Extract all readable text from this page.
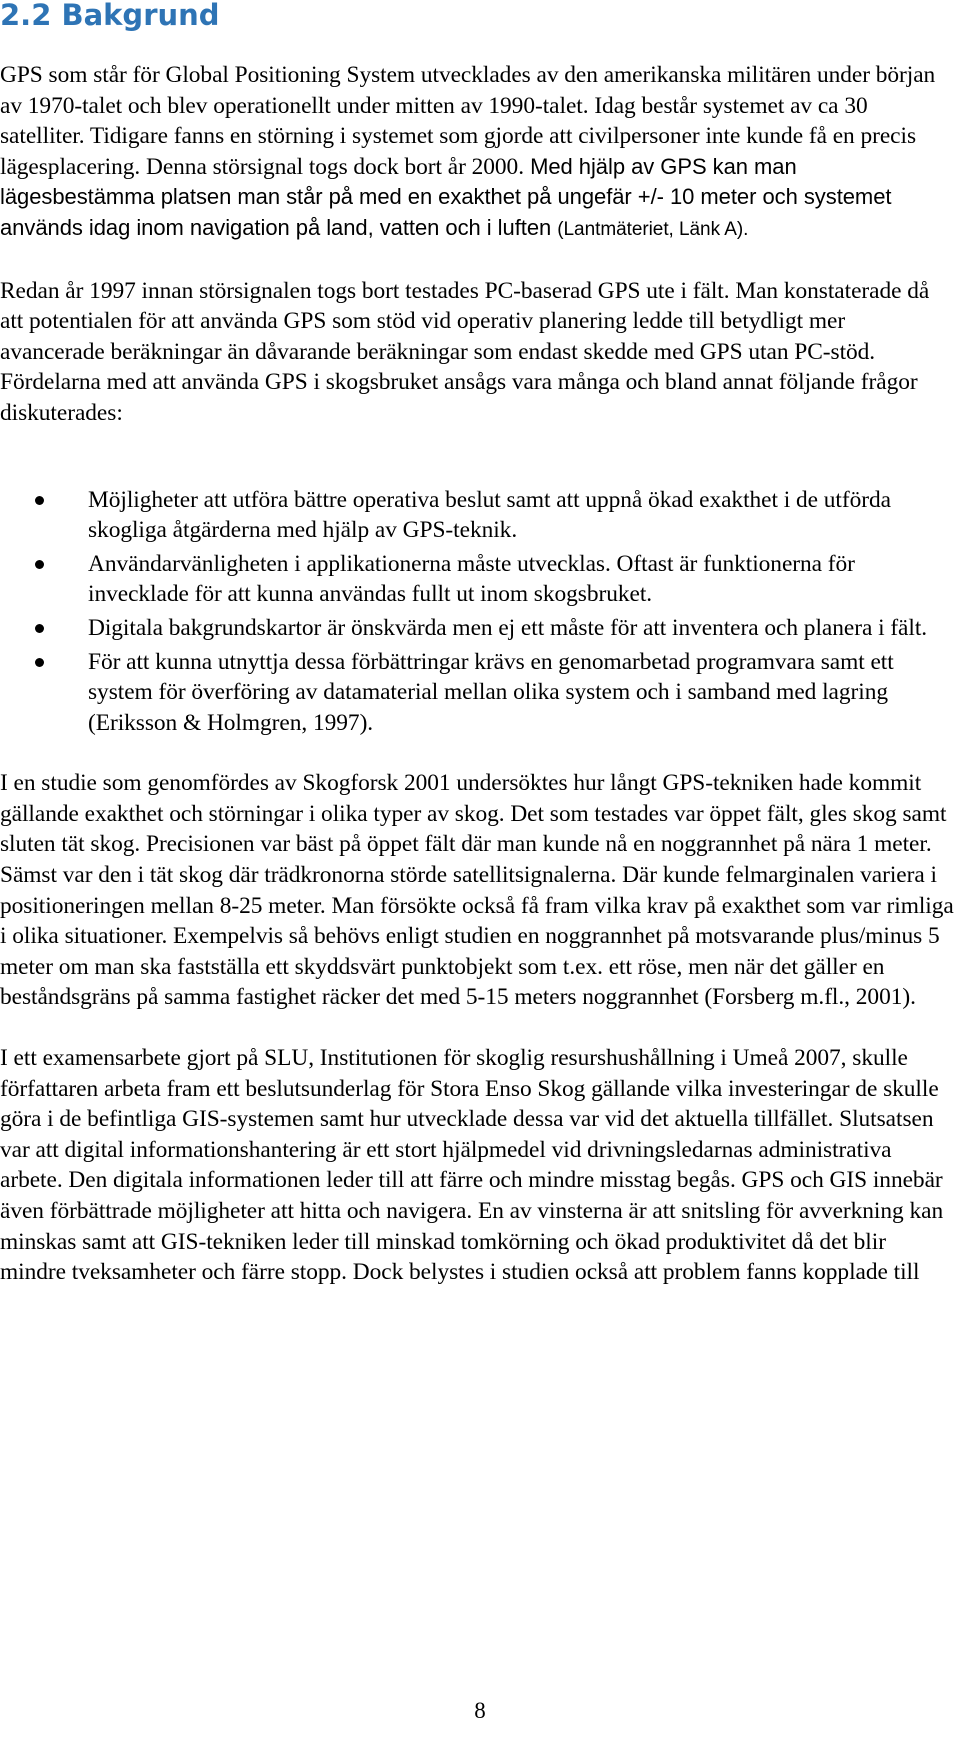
2.2 Bakgrund

GPS som står för Global Positioning System utvecklades av den amerikanska militären under början av 1970-talet och blev operationellt under mitten av 1990-talet. Idag består systemet av ca 30 satelliter. Tidigare fanns en störning i systemet som gjorde att civilpersoner inte kunde få en precis lägesplacering. Denna störsignal togs dock bort år 2000. Med hjälp av GPS kan man lägesbestämma platsen man står på med en exakthet på ungefär +/- 10 meter och systemet används idag inom navigation på land, vatten och i luften (Lantmäteriet, Länk A).

Redan år 1997 innan störsignalen togs bort testades PC-baserad GPS ute i fält. Man konstaterade då att potentialen för att använda GPS som stöd vid operativ planering ledde till betydligt mer avancerade beräkningar än dåvarande beräkningar som endast skedde med GPS utan PC-stöd. Fördelarna med att använda GPS i skogsbruket ansågs vara många och bland annat följande frågor diskuterades:

Möjligheter att utföra bättre operativa beslut samt att uppnå ökad exakthet i de utförda skogliga åtgärderna med hjälp av GPS-teknik.
Användarvänligheten i applikationerna måste utvecklas. Oftast är funktionerna för invecklade för att kunna användas fullt ut inom skogsbruket.
Digitala bakgrundskartor är önskvärda men ej ett måste för att inventera och planera i fält.
För att kunna utnyttja dessa förbättringar krävs en genomarbetad programvara samt ett system för överföring av datamaterial mellan olika system och i samband med lagring (Eriksson & Holmgren, 1997).

I en studie som genomfördes av Skogforsk 2001 undersöktes hur långt GPS-tekniken hade kommit gällande exakthet och störningar i olika typer av skog. Det som testades var öppet fält, gles skog samt sluten tät skog. Precisionen var bäst på öppet fält där man kunde nå en noggrannhet på nära 1 meter. Sämst var den i tät skog där trädkronorna störde satellitsignalerna. Där kunde felmarginalen variera i positioneringen mellan 8-25 meter. Man försökte också få fram vilka krav på exakthet som var rimliga i olika situationer. Exempelvis så behövs enligt studien en noggrannhet på motsvarande plus/minus 5 meter om man ska fastställa ett skyddsvärt punktobjekt som t.ex. ett röse, men när det gäller en beståndsgräns på samma fastighet räcker det med 5-15 meters noggrannhet (Forsberg m.fl., 2001).

I ett examensarbete gjort på SLU, Institutionen för skoglig resurshushållning i Umeå 2007, skulle författaren arbeta fram ett beslutsunderlag för Stora Enso Skog gällande vilka investeringar de skulle göra i de befintliga GIS-systemen samt hur utvecklade dessa var vid det aktuella tillfället. Slutsatsen var att digital informationshantering är ett stort hjälpmedel vid drivningsledarnas administrativa arbete. Den digitala informationen leder till att färre och mindre misstag begås. GPS och GIS innebär även förbättrade möjligheter att hitta och navigera. En av vinsterna är att snitsling för avverkning kan minskas samt att GIS-tekniken leder till minskad tomkörning och ökad produktivitet då det blir mindre tveksamheter och färre stopp. Dock belystes i studien också att problem fanns kopplade till

8
